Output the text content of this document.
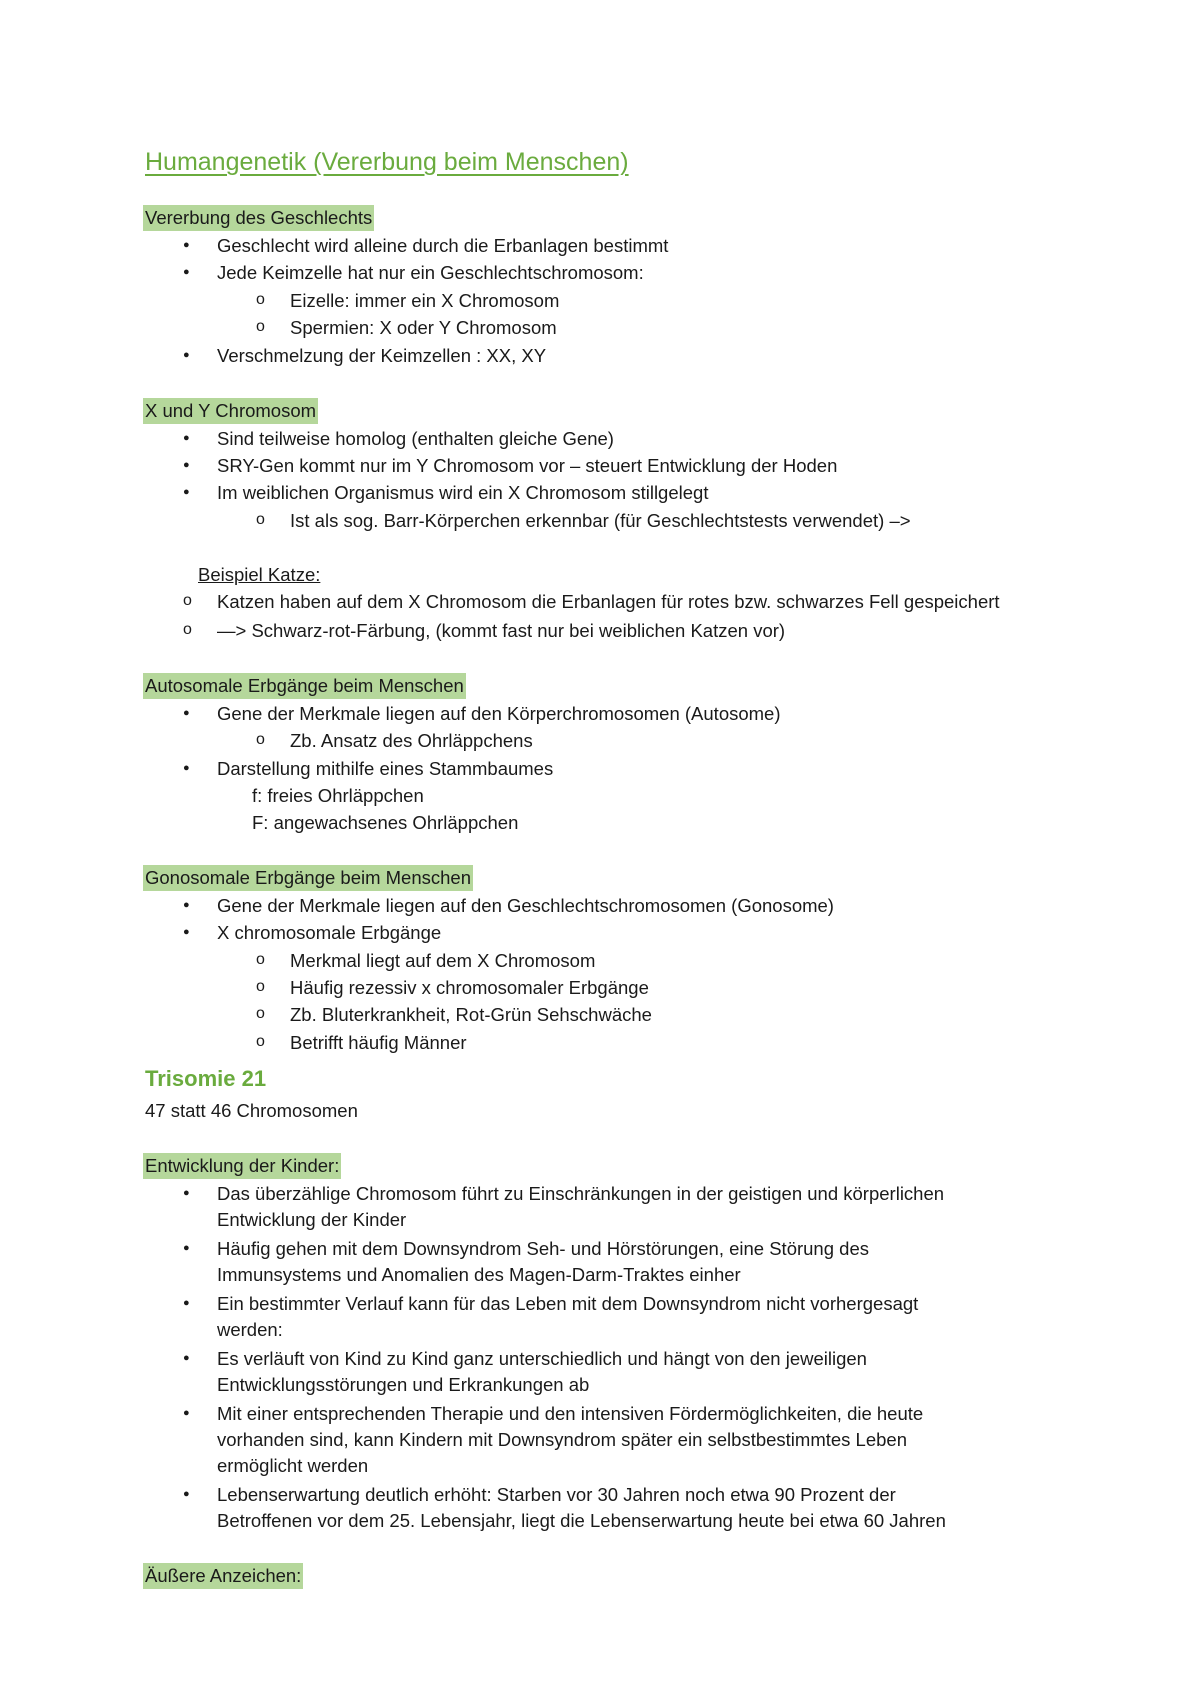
Humangenetik (Vererbung beim Menschen)
Vererbung des Geschlechts
●
Geschlecht wird alleine durch die Erbanlagen bestimmt
●
Jede Keimzelle hat nur ein Geschlechtschromosom:
o
Eizelle: immer ein X Chromosom
o
Spermien: X oder Y Chromosom
●
Verschmelzung der Keimzellen : XX, XY
X und Y Chromosom
●
Sind teilweise homolog (enthalten gleiche Gene)
●
SRY-Gen kommt nur im Y Chromosom vor – steuert Entwicklung der Hoden
●
Im weiblichen Organismus wird ein X Chromosom stillgelegt
o
Ist als sog. Barr-Körperchen erkennbar (für Geschlechtstests verwendet) –>
Beispiel Katze:
o
Katzen haben auf dem X Chromosom die Erbanlagen für rotes bzw. schwarzes Fell gespeichert
o
—> Schwarz-rot-Färbung, (kommt fast nur bei weiblichen Katzen vor)
Autosomale Erbgänge beim Menschen
●
Gene der Merkmale liegen auf den Körperchromosomen (Autosome)
o
Zb. Ansatz des Ohrläppchens
●
Darstellung mithilfe eines Stammbaumes
f: freies Ohrläppchen
F: angewachsenes Ohrläppchen
Gonosomale Erbgänge beim Menschen
●
Gene der Merkmale liegen auf den Geschlechtschromosomen (Gonosome)
●
X chromosomale Erbgänge
o
Merkmal liegt auf dem X Chromosom
o
Häufig rezessiv x chromosomaler Erbgänge
o
Zb. Bluterkrankheit, Rot-Grün Sehschwäche
o
Betrifft häufig Männer
Trisomie 21
47 statt 46 Chromosomen
Entwicklung der Kinder:
●
Das überzählige Chromosom führt zu Einschränkungen in der geistigen und körperlichen
Entwicklung der Kinder
●
Häufig gehen mit dem Downsyndrom Seh- und Hörstörungen, eine Störung des
Immunsystems und Anomalien des Magen-Darm-Traktes einher
●
Ein bestimmter Verlauf kann für das Leben mit dem Downsyndrom nicht vorhergesagt
werden:
●
Es verläuft von Kind zu Kind ganz unterschiedlich und hängt von den jeweiligen
Entwicklungsstörungen und Erkrankungen ab
●
Mit einer entsprechenden Therapie und den intensiven Fördermöglichkeiten, die heute
vorhanden sind, kann Kindern mit Downsyndrom später ein selbstbestimmtes Leben
ermöglicht werden
●
Lebenserwartung deutlich erhöht: Starben vor 30 Jahren noch etwa 90 Prozent der
Betroffenen vor dem 25. Lebensjahr, liegt die Lebenserwartung heute bei etwa 60 Jahren
Äußere Anzeichen:
